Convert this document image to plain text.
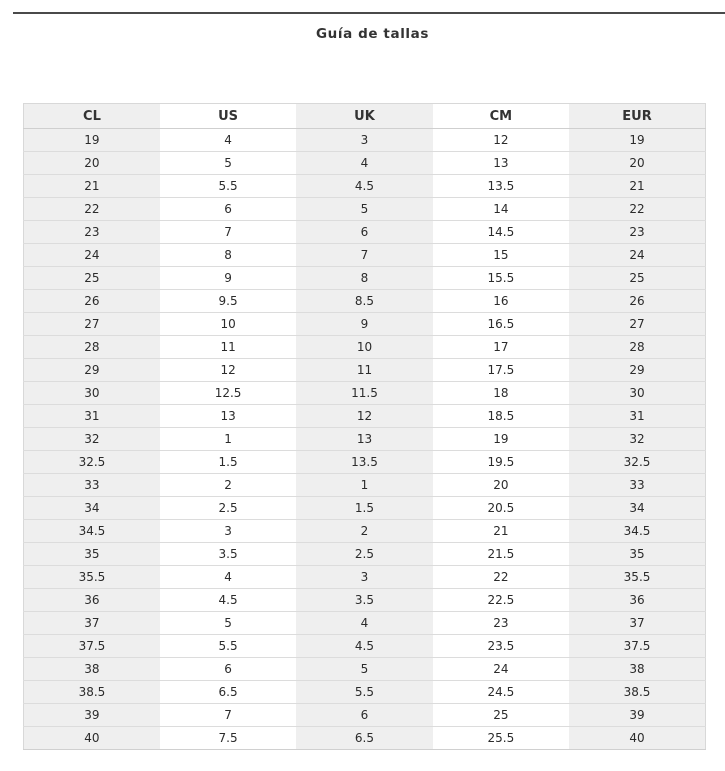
Guía de tallas
CL	US	UK	CM	EUR
19	4	3	12	19
20	5	4	13	20
21	5.5	4.5	13.5	21
22	6	5	14	22
23	7	6	14.5	23
24	8	7	15	24
25	9	8	15.5	25
26	9.5	8.5	16	26
27	10	9	16.5	27
28	11	10	17	28
29	12	11	17.5	29
30	12.5	11.5	18	30
31	13	12	18.5	31
32	1	13	19	32
32.5	1.5	13.5	19.5	32.5
33	2	1	20	33
34	2.5	1.5	20.5	34
34.5	3	2	21	34.5
35	3.5	2.5	21.5	35
35.5	4	3	22	35.5
36	4.5	3.5	22.5	36
37	5	4	23	37
37.5	5.5	4.5	23.5	37.5
38	6	5	24	38
38.5	6.5	5.5	24.5	38.5
39	7	6	25	39
40	7.5	6.5	25.5	40
